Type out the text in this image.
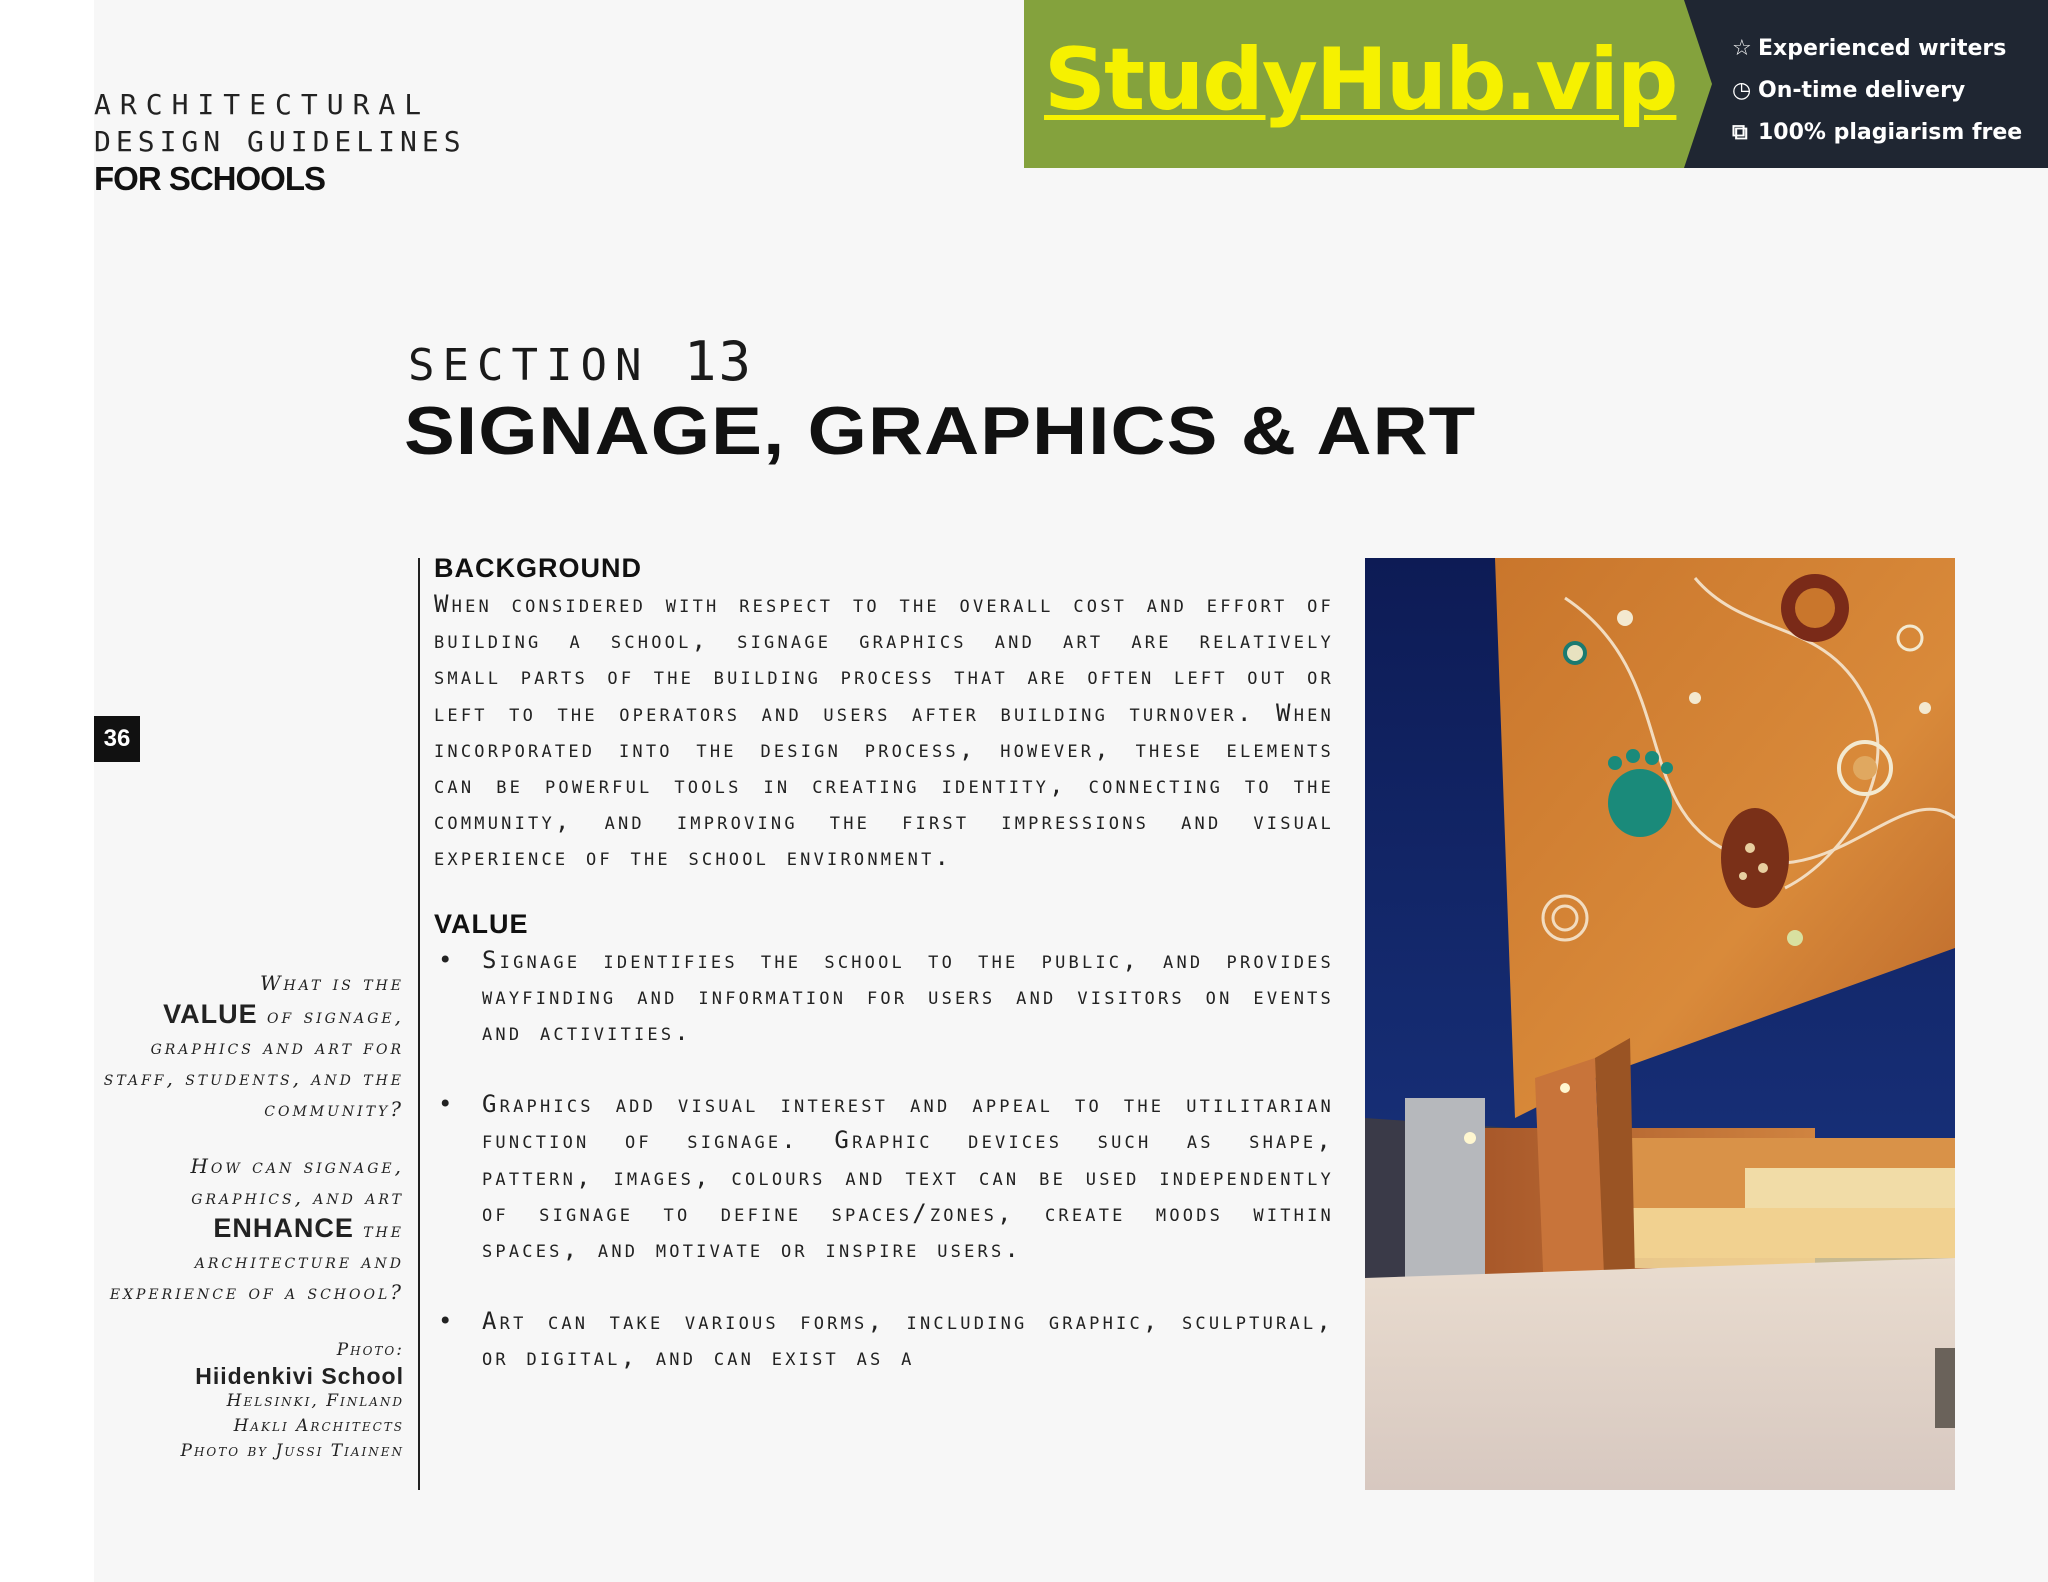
ARCHITECTURAL
DESIGN GUIDELINES
FOR SCHOOLS
StudyHub.vip	☆ Experienced writers
◷ On-time delivery
⧉ 100% plagiarism free
SECTION 13
SIGNAGE, GRAPHICS & ART
36

What is the
VALUE of signage, graphics and art for staff, students, and the community?

How can signage, graphics, and art ENHANCE the architecture and experience of a school?

Photo:
Hiidenkivi School
Helsinki, Finland
Hakli Architects
Photo by Jussi Tiainen

BACKGROUND

When considered with respect to the overall cost and effort of building a school, signage graphics and art are relatively small parts of the building process that are often left out or left to the operators and users after building turnover. When incorporated into the design process, however, these elements can be powerful tools in creating identity, connecting to the community, and improving the first impressions and visual experience of the school environment.

VALUE
• Signage identifies the school to the public, and provides wayfinding and information for users and visitors on events and activities.
• Graphics add visual interest and appeal to the utilitarian function of signage. Graphic devices such as shape, pattern, images, colours and text can be used independently of signage to define spaces/zones, create moods within spaces, and motivate or inspire users.
• Art can take various forms, including graphic, sculptural, or digital, and can exist as a
